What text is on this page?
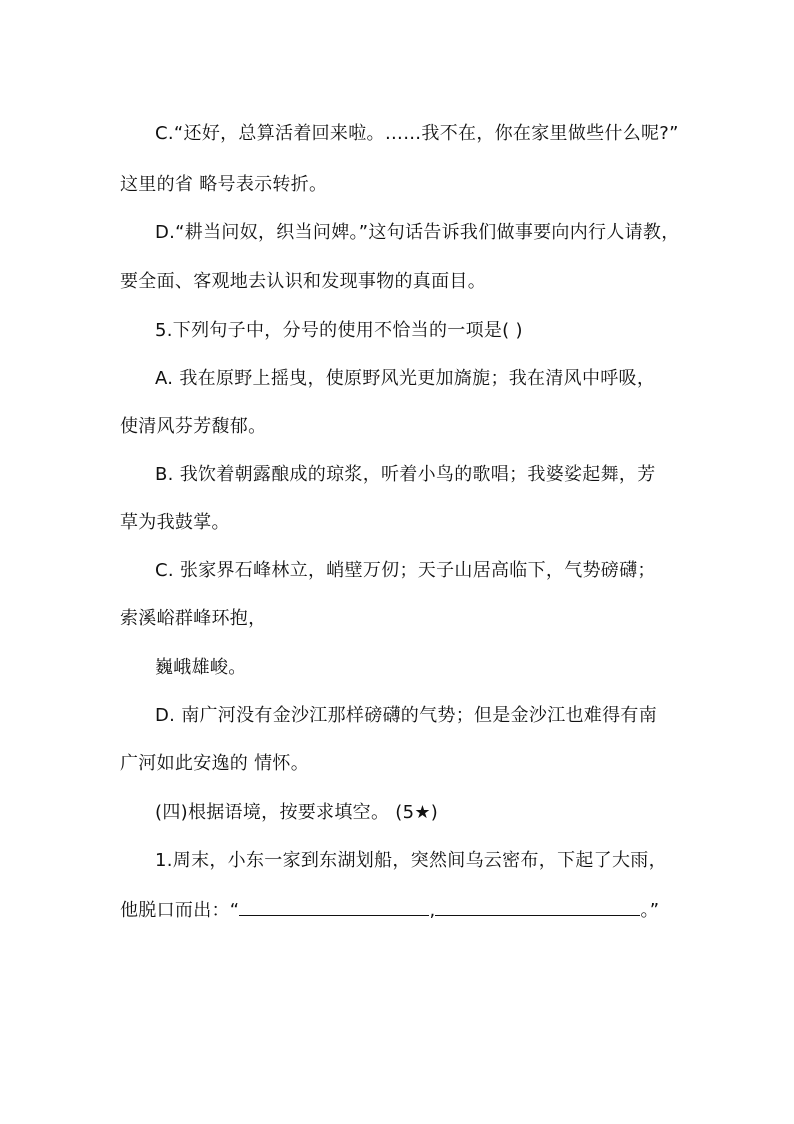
C.“还好，总算活着回来啦。……我不在，你在家里做些什么呢?”
这里的省 略号表示转折。
D.“耕当问奴，织当问婢。”这句话告诉我们做事要向内行人请教，
要全面、客观地去认识和发现事物的真面目。
5.下列句子中，分号的使用不恰当的一项是( )
A. 我在原野上摇曳，使原野风光更加旖旎；我在清风中呼吸，
使清风芬芳馥郁。
B. 我饮着朝露酿成的琼浆，听着小鸟的歌唱；我婆娑起舞，芳
草为我鼓掌。
C. 张家界石峰林立，峭壁万仞；天子山居高临下，气势磅礴；
索溪峪群峰环抱，
巍峨雄峻。
D. 南广河没有金沙江那样磅礴的气势；但是金沙江也难得有南
广河如此安逸的 情怀。
(四)根据语境，按要求填空。 (5★)
1.周末，小东一家到东湖划船，突然间乌云密布，下起了大雨，
他脱口而出：“	,	。”
